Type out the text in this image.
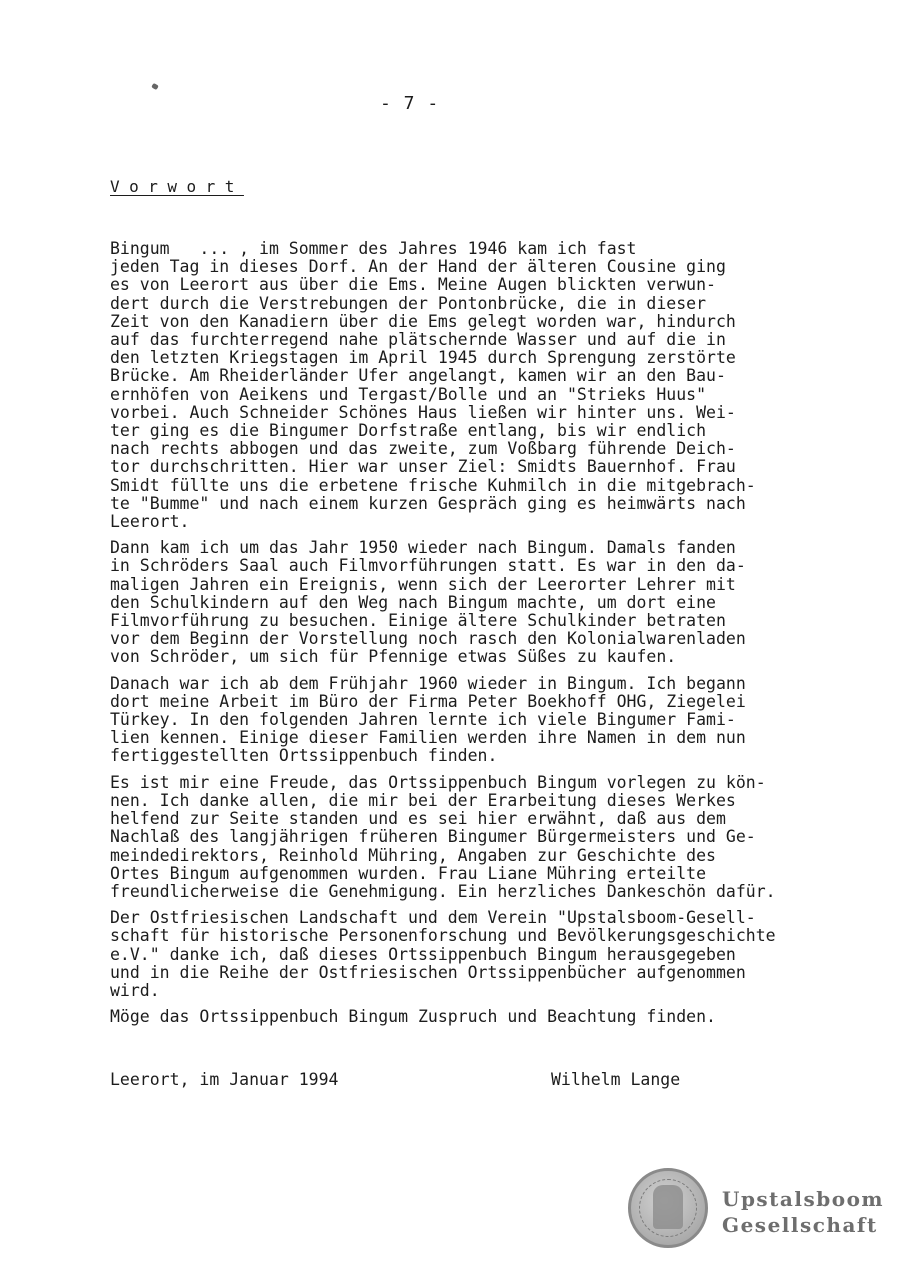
- 7 -
Vorwort
Bingum   ... , im Sommer des Jahres 1946 kam ich fast
jeden Tag in dieses Dorf. An der Hand der älteren Cousine ging
es von Leerort aus über die Ems. Meine Augen blickten verwun-
dert durch die Verstrebungen der Pontonbrücke, die in dieser
Zeit von den Kanadiern über die Ems gelegt worden war, hindurch
auf das furchterregend nahe plätschernde Wasser und auf die in
den letzten Kriegstagen im April 1945 durch Sprengung zerstörte
Brücke. Am Rheiderländer Ufer angelangt, kamen wir an den Bau-
ernhöfen von Aeikens und Tergast/Bolle und an "Strieks Huus"
vorbei. Auch Schneider Schönes Haus ließen wir hinter uns. Wei-
ter ging es die Bingumer Dorfstraße entlang, bis wir endlich
nach rechts abbogen und das zweite, zum Voßbarg führende Deich-
tor durchschritten. Hier war unser Ziel: Smidts Bauernhof. Frau
Smidt füllte uns die erbetene frische Kuhmilch in die mitgebrach-
te "Bumme" und nach einem kurzen Gespräch ging es heimwärts nach
Leerort.
Dann kam ich um das Jahr 1950 wieder nach Bingum. Damals fanden
in Schröders Saal auch Filmvorführungen statt. Es war in den da-
maligen Jahren ein Ereignis, wenn sich der Leerorter Lehrer mit
den Schulkindern auf den Weg nach Bingum machte, um dort eine
Filmvorführung zu besuchen. Einige ältere Schulkinder betraten
vor dem Beginn der Vorstellung noch rasch den Kolonialwarenladen
von Schröder, um sich für Pfennige etwas Süßes zu kaufen.
Danach war ich ab dem Frühjahr 1960 wieder in Bingum. Ich begann
dort meine Arbeit im Büro der Firma Peter Boekhoff OHG, Ziegelei
Türkey. In den folgenden Jahren lernte ich viele Bingumer Fami-
lien kennen. Einige dieser Familien werden ihre Namen in dem nun
fertiggestellten Ortssippenbuch finden.
Es ist mir eine Freude, das Ortssippenbuch Bingum vorlegen zu kön-
nen. Ich danke allen, die mir bei der Erarbeitung dieses Werkes
helfend zur Seite standen und es sei hier erwähnt, daß aus dem
Nachlaß des langjährigen früheren Bingumer Bürgermeisters und Ge-
meindedirektors, Reinhold Mühring, Angaben zur Geschichte des
Ortes Bingum aufgenommen wurden. Frau Liane Mühring erteilte
freundlicherweise die Genehmigung. Ein herzliches Dankeschön dafür.
Der Ostfriesischen Landschaft und dem Verein "Upstalsboom-Gesell-
schaft für historische Personenforschung und Bevölkerungsgeschichte
e.V." danke ich, daß dieses Ortssippenbuch Bingum herausgegeben
und in die Reihe der Ostfriesischen Ortssippenbücher aufgenommen
wird.
Möge das Ortssippenbuch Bingum Zuspruch und Beachtung finden.
Leerort, im Januar 1994	Wilhelm Lange
Upstalsboom
Gesellschaft
